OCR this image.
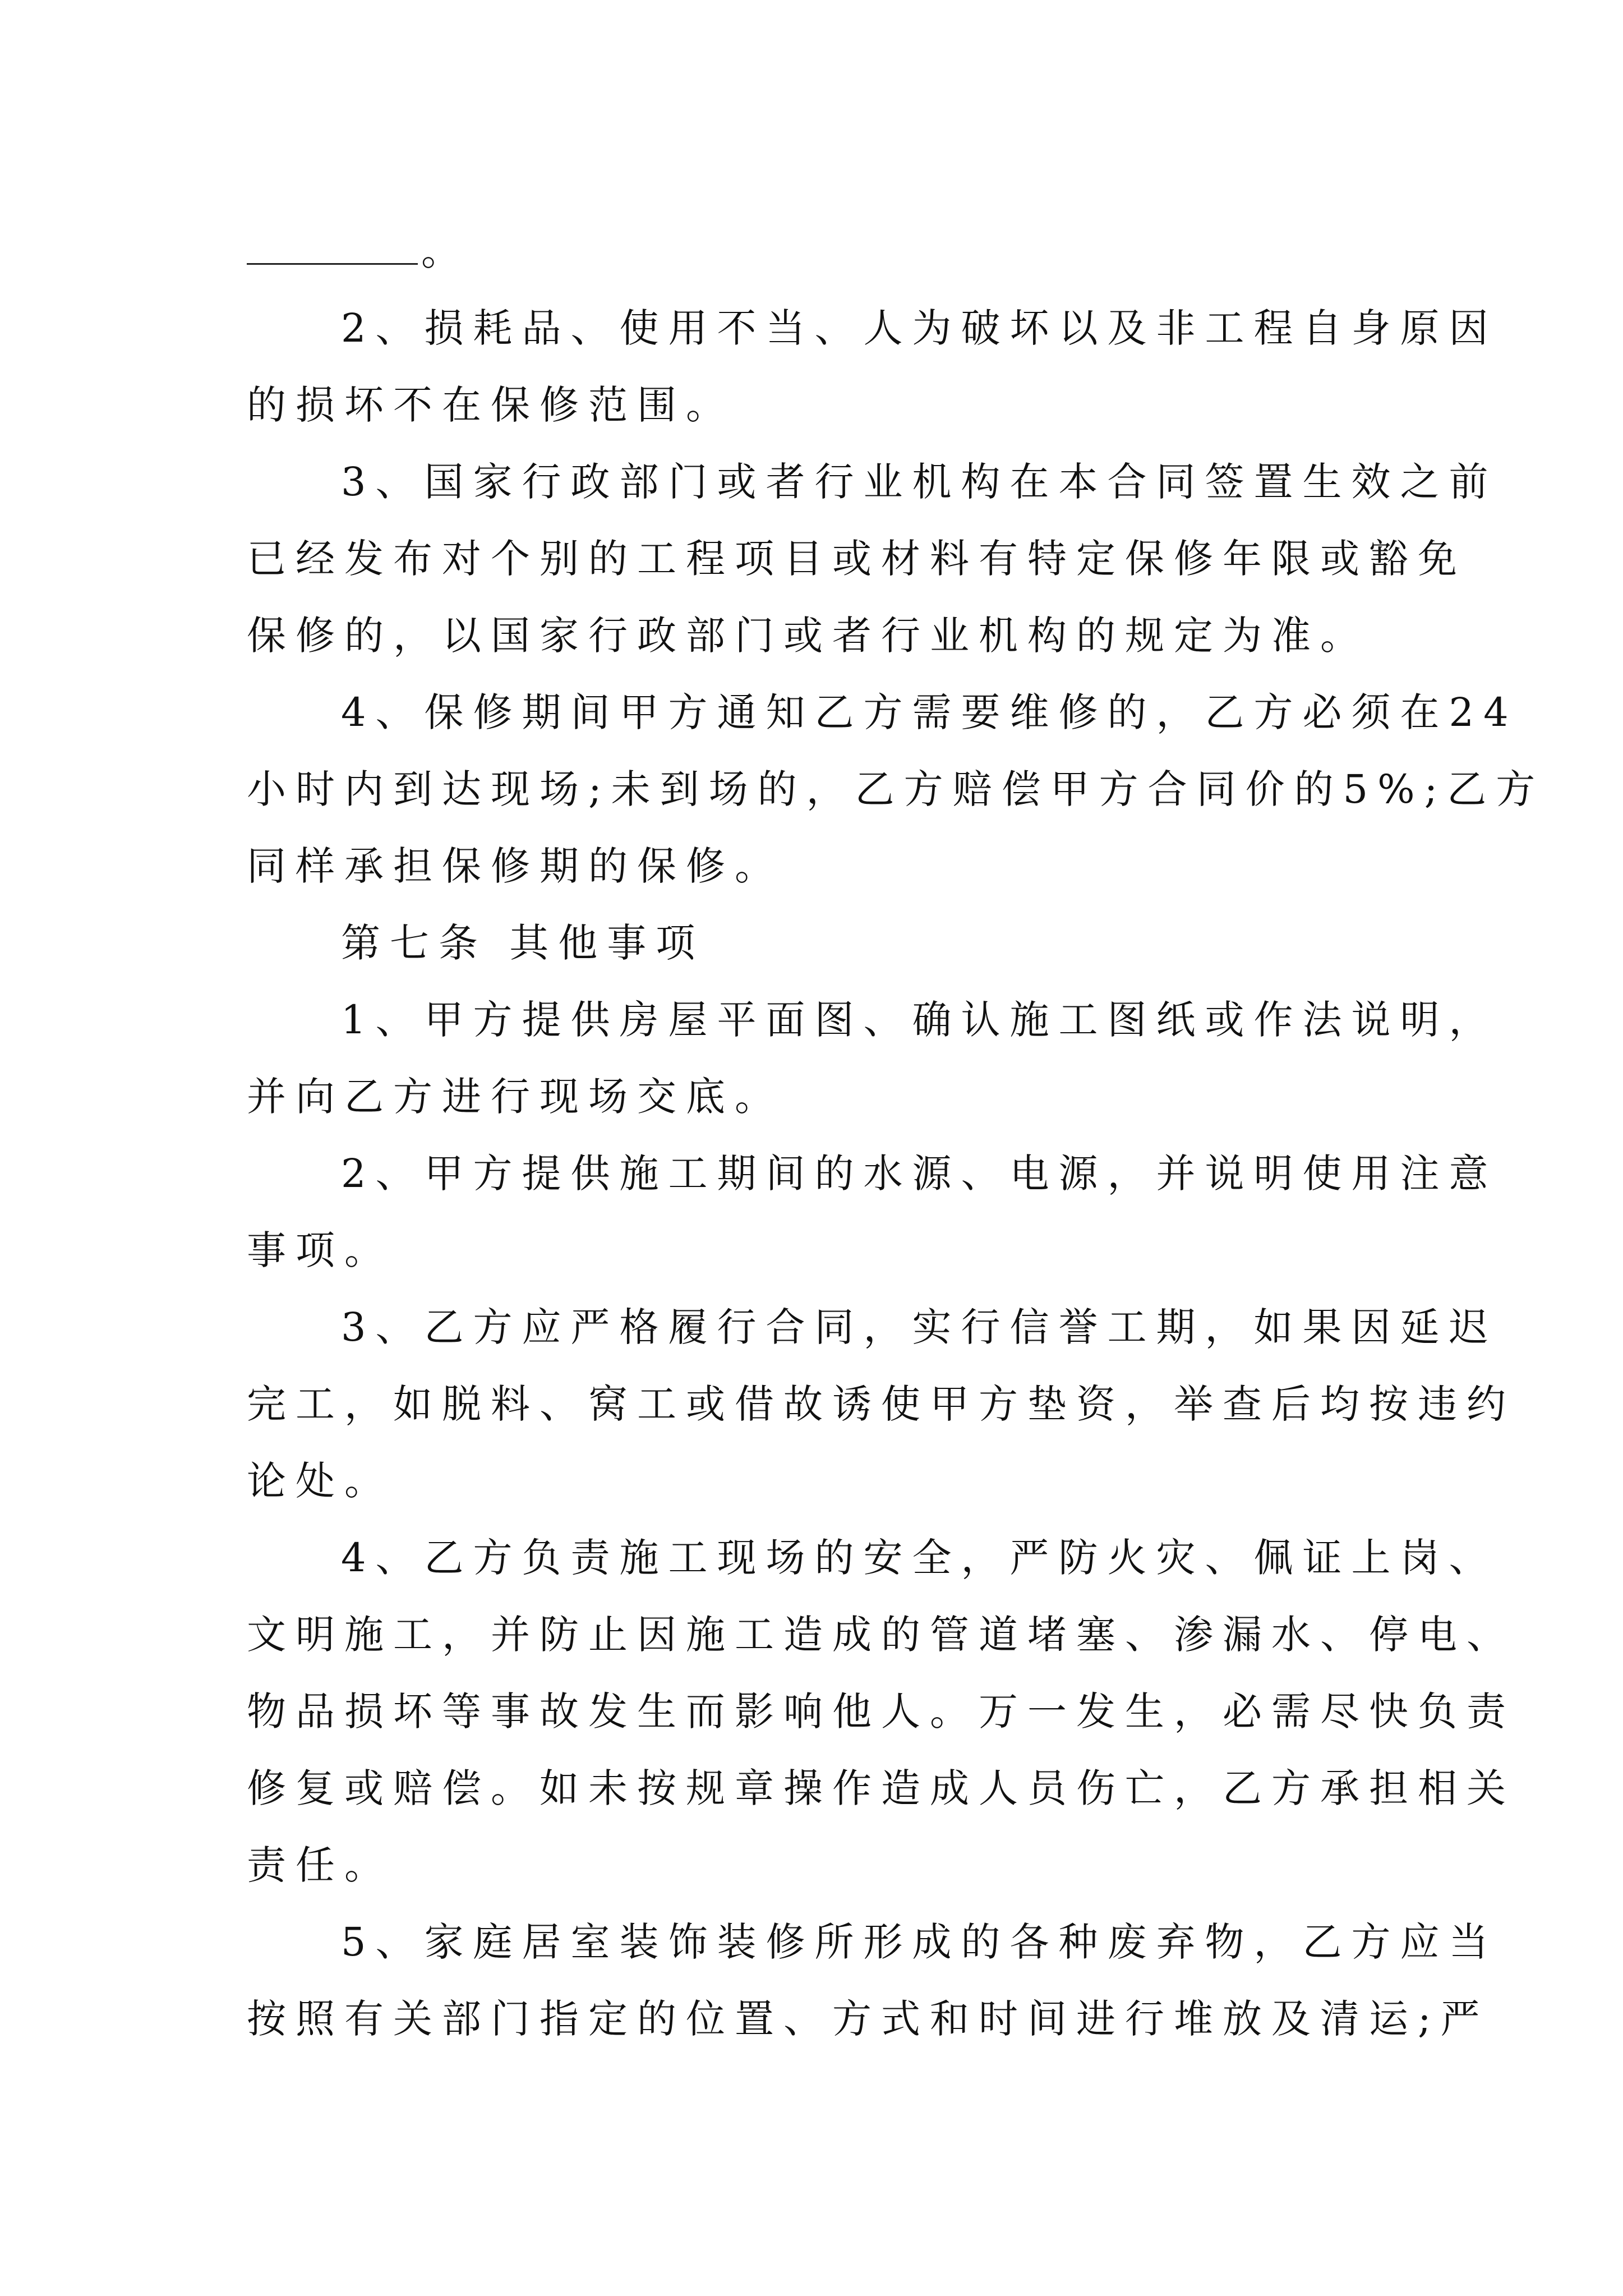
。
2、损耗品、使用不当、人为破坏以及非工程自身原因
的损坏不在保修范围。
3、国家行政部门或者行业机构在本合同签置生效之前
已经发布对个别的工程项目或材料有特定保修年限或豁免
保修的，以国家行政部门或者行业机构的规定为准。
4、保修期间甲方通知乙方需要维修的，乙方必须在24
小时内到达现场;未到场的，乙方赔偿甲方合同价的5%;乙方
同样承担保修期的保修。
第七条 其他事项
1、甲方提供房屋平面图、确认施工图纸或作法说明，
并向乙方进行现场交底。
2、甲方提供施工期间的水源、电源，并说明使用注意
事项。
3、乙方应严格履行合同，实行信誉工期，如果因延迟
完工，如脱料、窝工或借故诱使甲方垫资，举查后均按违约
论处。
4、乙方负责施工现场的安全，严防火灾、佩证上岗、
文明施工，并防止因施工造成的管道堵塞、渗漏水、停电、
物品损坏等事故发生而影响他人。万一发生，必需尽快负责
修复或赔偿。如未按规章操作造成人员伤亡，乙方承担相关
责任。
5、家庭居室装饰装修所形成的各种废弃物，乙方应当
按照有关部门指定的位置、方式和时间进行堆放及清运;严
